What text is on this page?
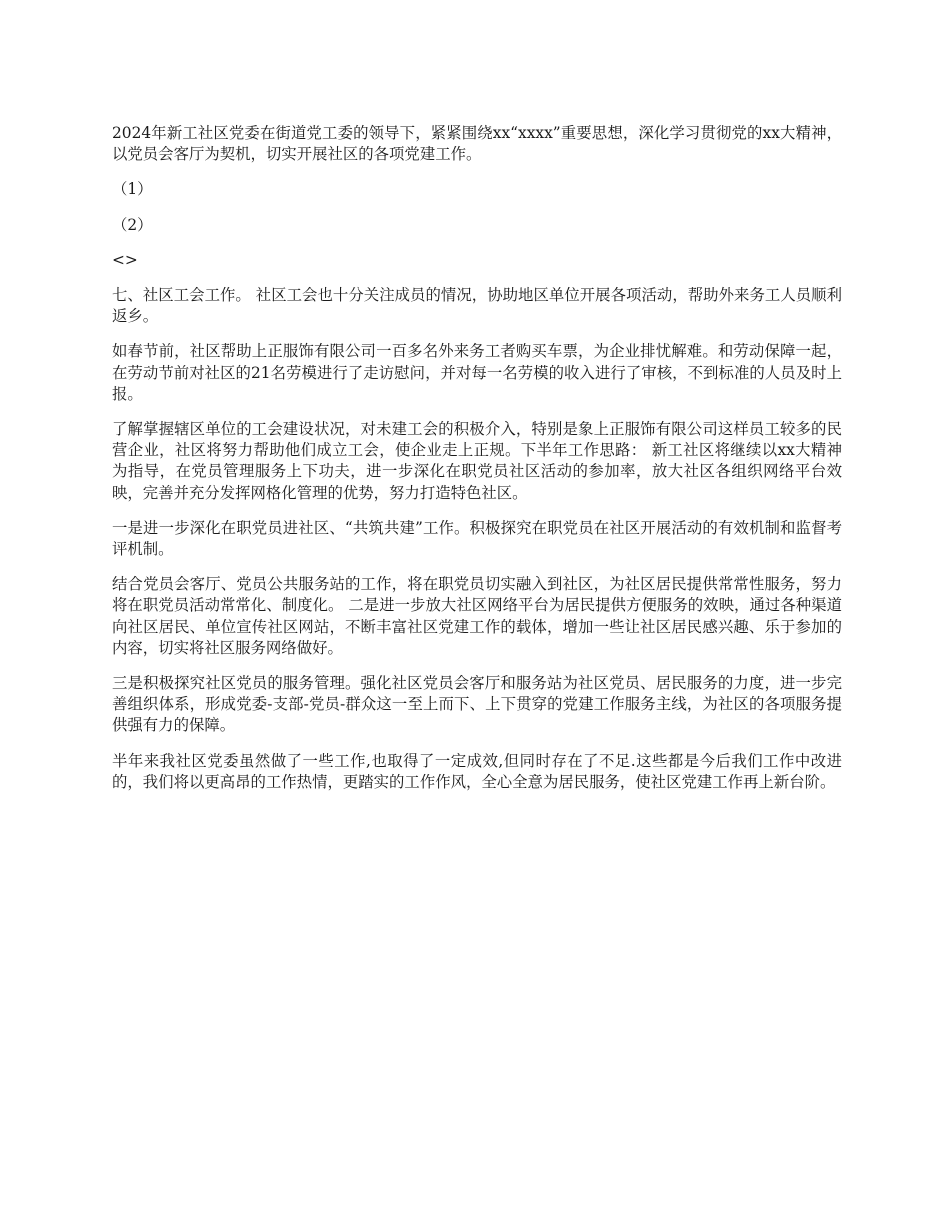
2024年新工社区党委在街道党工委的领导下，紧紧围绕xx“xxxx”重要思想，深化学习贯彻党的xx大精神，以党员会客厅为契机，切实开展社区的各项党建工作。

（1）

（2）

<>

七、社区工会工作。 社区工会也十分关注成员的情况，协助地区单位开展各项活动，帮助外来务工人员顺利返乡。

如春节前，社区帮助上正服饰有限公司一百多名外来务工者购买车票，为企业排忧解难。和劳动保障一起，在劳动节前对社区的21名劳模进行了走访慰问，并对每一名劳模的收入进行了审核，不到标准的人员及时上报。

了解掌握辖区单位的工会建设状况，对未建工会的积极介入，特别是象上正服饰有限公司这样员工较多的民营企业，社区将努力帮助他们成立工会，使企业走上正规。下半年工作思路： 新工社区将继续以xx大精神为指导，在党员管理服务上下功夫，进一步深化在职党员社区活动的参加率，放大社区各组织网络平台效映，完善并充分发挥网格化管理的优势，努力打造特色社区。

一是进一步深化在职党员进社区、“共筑共建”工作。积极探究在职党员在社区开展活动的有效机制和监督考评机制。

结合党员会客厅、党员公共服务站的工作，将在职党员切实融入到社区，为社区居民提供常常性服务，努力将在职党员活动常常化、制度化。 二是进一步放大社区网络平台为居民提供方便服务的效映，通过各种渠道向社区居民、单位宣传社区网站，不断丰富社区党建工作的载体，增加一些让社区居民感兴趣、乐于参加的内容，切实将社区服务网络做好。

三是积极探究社区党员的服务管理。强化社区党员会客厅和服务站为社区党员、居民服务的力度，进一步完善组织体系，形成党委-支部-党员-群众这一至上而下、上下贯穿的党建工作服务主线，为社区的各项服务提供强有力的保障。

半年来我社区党委虽然做了一些工作,也取得了一定成效,但同时存在了不足.这些都是今后我们工作中改进的，我们将以更高昂的工作热情，更踏实的工作作风，全心全意为居民服务，使社区党建工作再上新台阶。
